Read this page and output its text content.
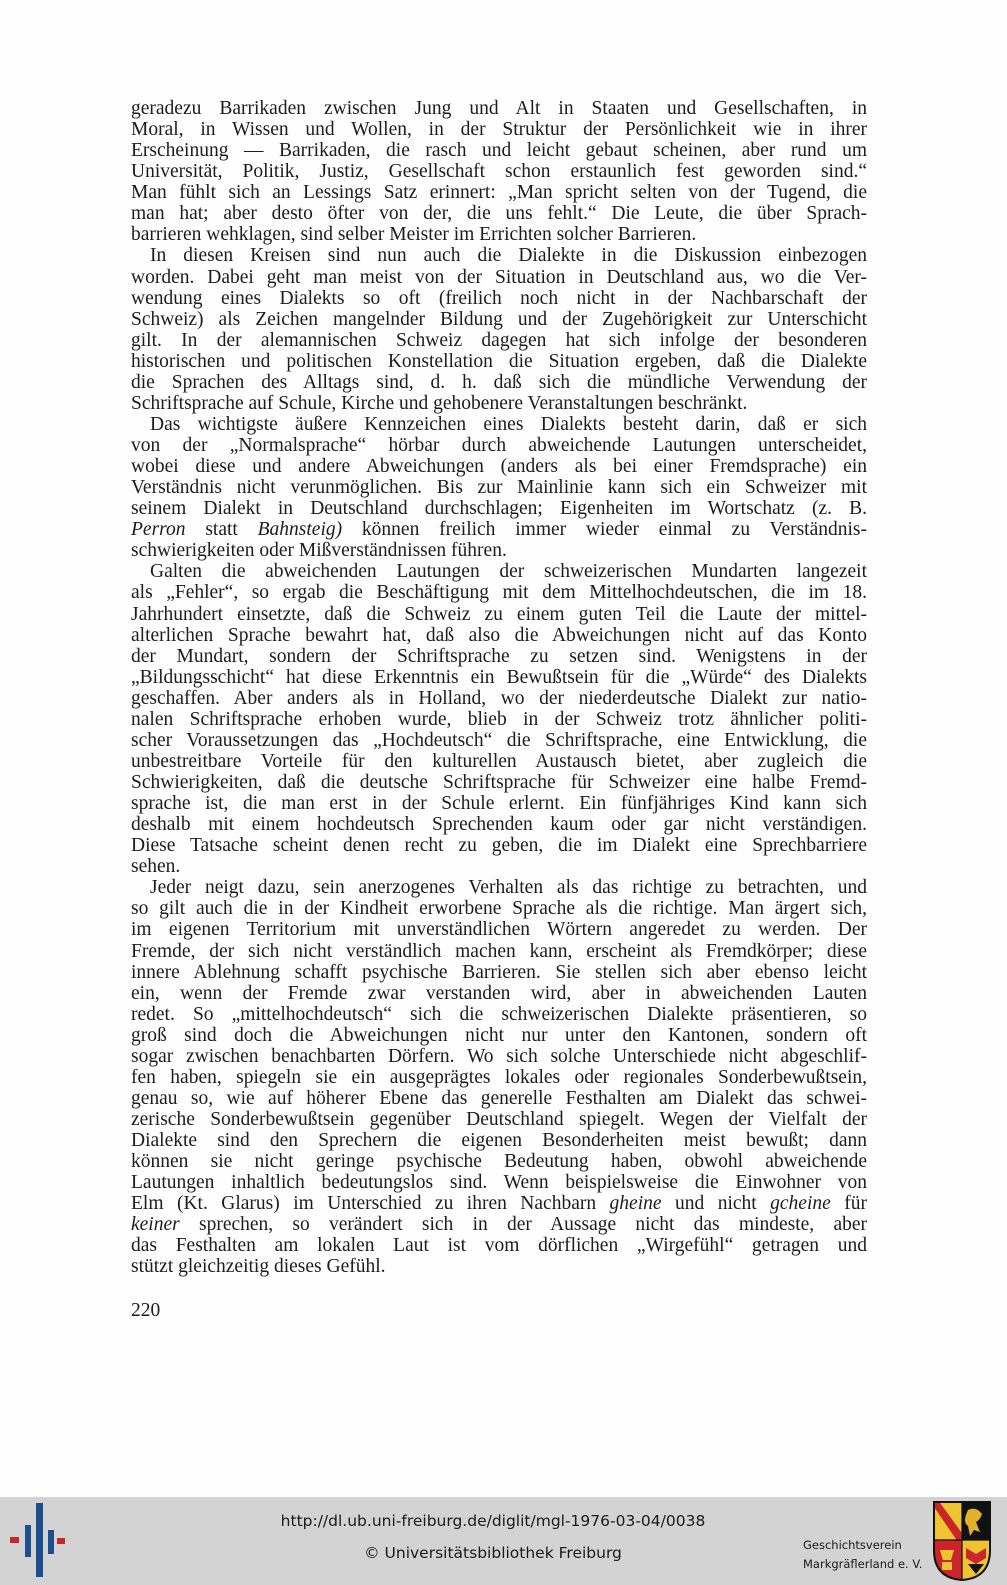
geradezu Barrikaden zwischen Jung und Alt in Staaten und Gesellschaften, in
Moral, in Wissen und Wollen, in der Struktur der Persönlichkeit wie in ihrer
Erscheinung — Barrikaden, die rasch und leicht gebaut scheinen, aber rund um
Universität, Politik, Justiz, Gesellschaft schon erstaunlich fest geworden sind.“
Man fühlt sich an Lessings Satz erinnert: „Man spricht selten von der Tugend, die
man hat; aber desto öfter von der, die uns fehlt.“ Die Leute, die über Sprach-
barrieren wehklagen, sind selber Meister im Errichten solcher Barrieren.
In diesen Kreisen sind nun auch die Dialekte in die Diskussion einbezogen
worden. Dabei geht man meist von der Situation in Deutschland aus, wo die Ver-
wendung eines Dialekts so oft (freilich noch nicht in der Nachbarschaft der
Schweiz) als Zeichen mangelnder Bildung und der Zugehörigkeit zur Unterschicht
gilt. In der alemannischen Schweiz dagegen hat sich infolge der besonderen
historischen und politischen Konstellation die Situation ergeben, daß die Dialekte
die Sprachen des Alltags sind, d. h. daß sich die mündliche Verwendung der
Schriftsprache auf Schule, Kirche und gehobenere Veranstaltungen beschränkt.
Das wichtigste äußere Kennzeichen eines Dialekts besteht darin, daß er sich
von der „Normalsprache“ hörbar durch abweichende Lautungen unterscheidet,
wobei diese und andere Abweichungen (anders als bei einer Fremdsprache) ein
Verständnis nicht verunmöglichen. Bis zur Mainlinie kann sich ein Schweizer mit
seinem Dialekt in Deutschland durchschlagen; Eigenheiten im Wortschatz (z. B.
Perron statt Bahnsteig) können freilich immer wieder einmal zu Verständnis-
schwierigkeiten oder Mißverständnissen führen.
Galten die abweichenden Lautungen der schweizerischen Mundarten langezeit
als „Fehler“, so ergab die Beschäftigung mit dem Mittelhochdeutschen, die im 18.
Jahrhundert einsetzte, daß die Schweiz zu einem guten Teil die Laute der mittel-
alterlichen Sprache bewahrt hat, daß also die Abweichungen nicht auf das Konto
der Mundart, sondern der Schriftsprache zu setzen sind. Wenigstens in der
„Bildungsschicht“ hat diese Erkenntnis ein Bewußtsein für die „Würde“ des Dialekts
geschaffen. Aber anders als in Holland, wo der niederdeutsche Dialekt zur natio-
nalen Schriftsprache erhoben wurde, blieb in der Schweiz trotz ähnlicher politi-
scher Voraussetzungen das „Hochdeutsch“ die Schriftsprache, eine Entwicklung, die
unbestreitbare Vorteile für den kulturellen Austausch bietet, aber zugleich die
Schwierigkeiten, daß die deutsche Schriftsprache für Schweizer eine halbe Fremd-
sprache ist, die man erst in der Schule erlernt. Ein fünfjähriges Kind kann sich
deshalb mit einem hochdeutsch Sprechenden kaum oder gar nicht verständigen.
Diese Tatsache scheint denen recht zu geben, die im Dialekt eine Sprechbarriere
sehen.
Jeder neigt dazu, sein anerzogenes Verhalten als das richtige zu betrachten, und
so gilt auch die in der Kindheit erworbene Sprache als die richtige. Man ärgert sich,
im eigenen Territorium mit unverständlichen Wörtern angeredet zu werden. Der
Fremde, der sich nicht verständlich machen kann, erscheint als Fremdkörper; diese
innere Ablehnung schafft psychische Barrieren. Sie stellen sich aber ebenso leicht
ein, wenn der Fremde zwar verstanden wird, aber in abweichenden Lauten
redet. So „mittelhochdeutsch“ sich die schweizerischen Dialekte präsentieren, so
groß sind doch die Abweichungen nicht nur unter den Kantonen, sondern oft
sogar zwischen benachbarten Dörfern. Wo sich solche Unterschiede nicht abgeschlif-
fen haben, spiegeln sie ein ausgeprägtes lokales oder regionales Sonderbewußtsein,
genau so, wie auf höherer Ebene das generelle Festhalten am Dialekt das schwei-
zerische Sonderbewußtsein gegenüber Deutschland spiegelt. Wegen der Vielfalt der
Dialekte sind den Sprechern die eigenen Besonderheiten meist bewußt; dann
können sie nicht geringe psychische Bedeutung haben, obwohl abweichende
Lautungen inhaltlich bedeutungslos sind. Wenn beispielsweise die Einwohner von
Elm (Kt. Glarus) im Unterschied zu ihren Nachbarn gheine und nicht gcheine für
keiner sprechen, so verändert sich in der Aussage nicht das mindeste, aber
das Festhalten am lokalen Laut ist vom dörflichen „Wirgefühl“ getragen und
stützt gleichzeitig dieses Gefühl.
220
http://dl.ub.uni-freiburg.de/diglit/mgl-1976-03-04/0038
© Universitätsbibliothek Freiburg	Geschichtsverein
Markgräflerland e. V.
